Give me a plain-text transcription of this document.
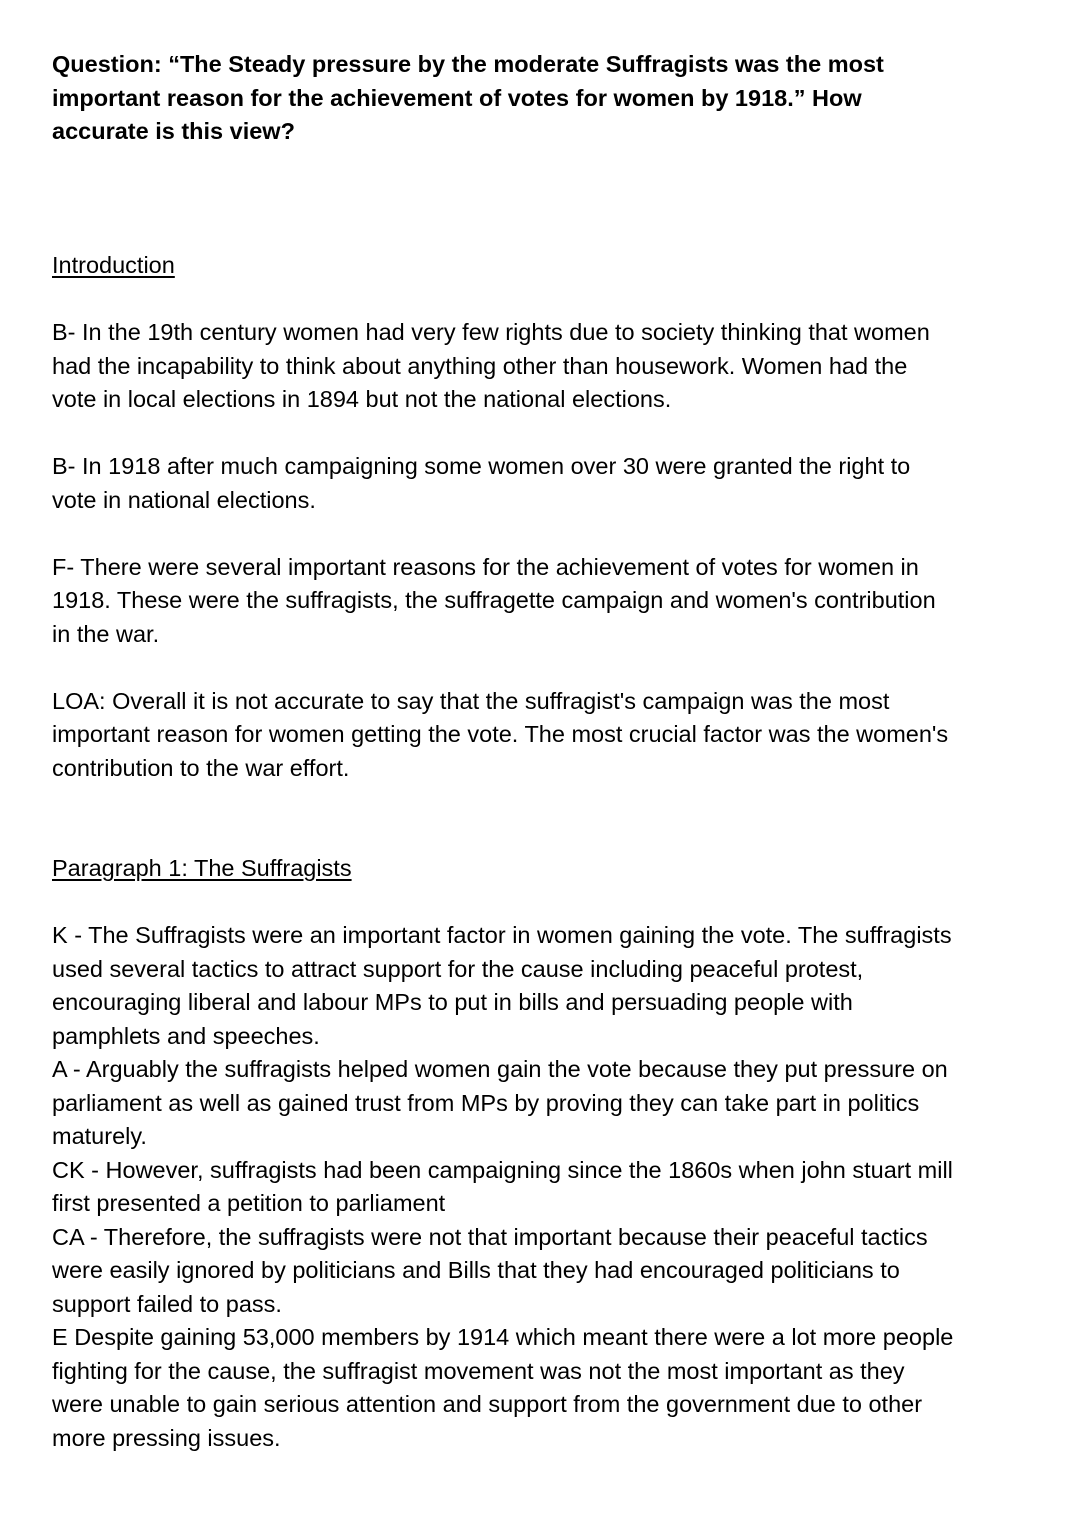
Question: “The Steady pressure by the moderate Suffragists was the most
important reason for the achievement of votes for women by 1918.” How
accurate is this view?

Introduction

B- In the 19th century women had very few rights due to society thinking that women
had the incapability to think about anything other than housework. Women had the
vote in local elections in 1894 but not the national elections.

B- In 1918 after much campaigning some women over 30 were granted the right to
vote in national elections.

F- There were several important reasons for the achievement of votes for women in
1918. These were the suffragists, the suffragette campaign and women's contribution
in the war.

LOA: Overall it is not accurate to say that the suffragist's campaign was the most
important reason for women getting the vote. The most crucial factor was the women's
contribution to the war effort.

Paragraph 1: The Suffragists

K - The Suffragists were an important factor in women gaining the vote. The suffragists
used several tactics to attract support for the cause including peaceful protest,
encouraging liberal and labour MPs to put in bills and persuading people with
pamphlets and speeches.
A - Arguably the suffragists helped women gain the vote because they put pressure on
parliament as well as gained trust from MPs by proving they can take part in politics
maturely.
CK - However, suffragists had been campaigning since the 1860s when john stuart mill
first presented a petition to parliament
CA - Therefore, the suffragists were not that important because their peaceful tactics
were easily ignored by politicians and Bills that they had encouraged politicians to
support failed to pass.
E Despite gaining 53,000 members by 1914 which meant there were a lot more people
fighting for the cause, the suffragist movement was not the most important as they
were unable to gain serious attention and support from the government due to other
more pressing issues.
